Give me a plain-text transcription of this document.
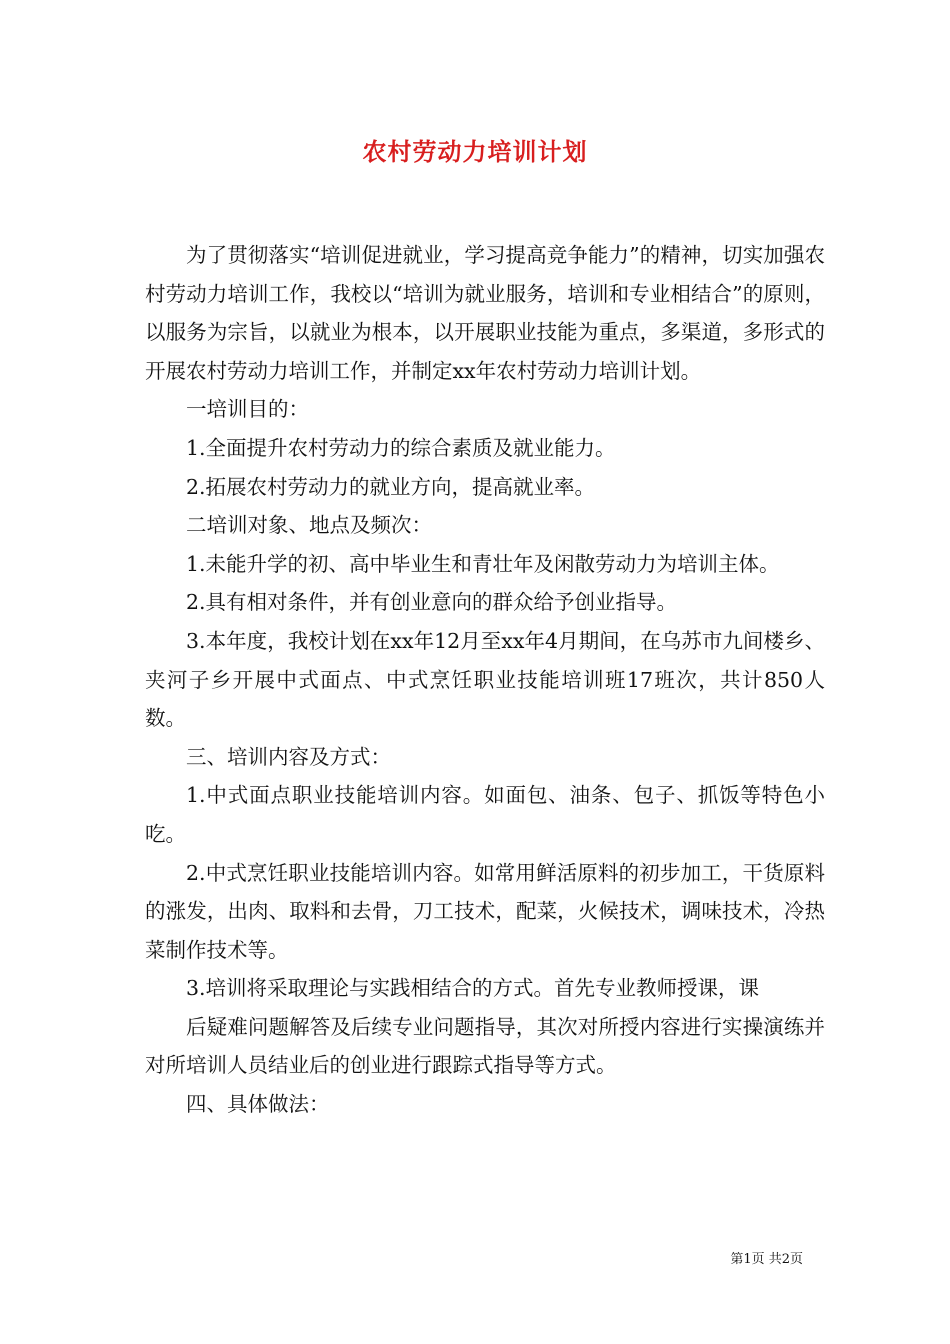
农村劳动力培训计划

为了贯彻落实“培训促进就业，学习提高竞争能力”的精神，切实加强农村劳动力培训工作，我校以“培训为就业服务，培训和专业相结合”的原则，以服务为宗旨，以就业为根本，以开展职业技能为重点，多渠道，多形式的开展农村劳动力培训工作，并制定xx年农村劳动力培训计划。

一培训目的：

1.全面提升农村劳动力的综合素质及就业能力。

2.拓展农村劳动力的就业方向，提高就业率。

二培训对象、地点及频次：

1.未能升学的初、高中毕业生和青壮年及闲散劳动力为培训主体。

2.具有相对条件，并有创业意向的群众给予创业指导。

3.本年度，我校计划在xx年12月至xx年4月期间，在乌苏市九间楼乡、夹河子乡开展中式面点、中式烹饪职业技能培训班17班次，共计850人数。

三、培训内容及方式：

1.中式面点职业技能培训内容。如面包、油条、包子、抓饭等特色小吃。

2.中式烹饪职业技能培训内容。如常用鲜活原料的初步加工，干货原料的涨发，出肉、取料和去骨，刀工技术，配菜，火候技术，调味技术，冷热菜制作技术等。

3.培训将采取理论与实践相结合的方式。首先专业教师授课，课

后疑难问题解答及后续专业问题指导，其次对所授内容进行实操演练并对所培训人员结业后的创业进行跟踪式指导等方式。

四、具体做法：

第1页 共2页
